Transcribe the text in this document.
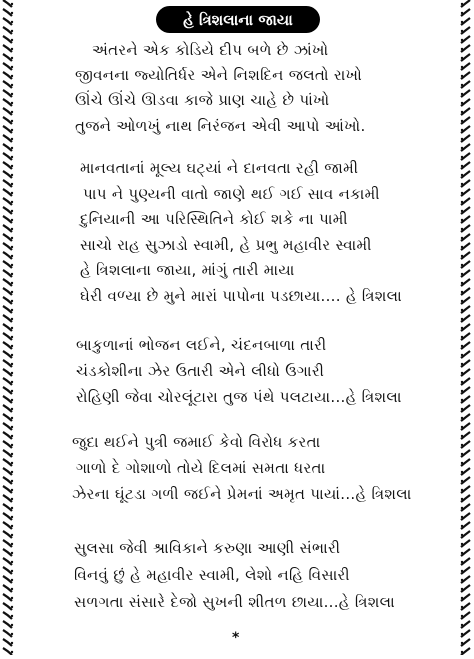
હે ત્રિશલાના જાયા
અંતરને એક કોડિયે દીપ બળે છે ઝાંખો
જીવનના જ્યોતિર્ધર એને નિશદિન જલતો રાખો
ઊંચે ઊંચે ઊડવા કાજે પ્રાણ ચાહે છે પાંખો
તુજને ઓળખું નાથ નિરંજન એવી આપો આંખો.
માનવતાનાં મૂલ્ય ઘટ્યાં ને દાનવતા રહી જામી
પાપ ને પુણ્યની વાતો જાણે થઈ ગઈ સાવ નકામી
દુનિયાની આ પરિસ્થિતિને કોઈ શકે ના પામી
સાચો રાહ સુઝાડો સ્વામી, હે પ્રભુ મહાવીર સ્વામી
હે ત્રિશલાના જાયા, માંગું તારી માયા
ઘેરી વળ્યા છે મુને મારાં પાપોના પડછાયા.... હે ત્રિશલા
બાકુળાનાં ભોજન લઈને, ચંદનબાળા તારી
ચંડકોશીના ઝેર ઉતારી એને લીધો ઉગારી
રોહિણી જેવા ચોરલૂંટારા તુજ પંથે પલટાયા...હે ત્રિશલા
જુદા થઈને પુત્રી જમાઈ કેવો વિરોધ કરતા
ગાળો દે ગોશાળો તોયે દિલમાં સમતા ધરતા
ઝેરના ઘૂંટડા ગળી જઈને પ્રેમનાં અમૃત પાયાં...હે ત્રિશલા
સુલસા જેવી શ્રાવિકાને કરુણા આણી સંભારી
વિનવું છું હે મહાવીર સ્વામી, લેશો નહિ વિસારી
સળગતા સંસારે દેજો સુખની શીતળ છાયા...હે ત્રિશલા
*
